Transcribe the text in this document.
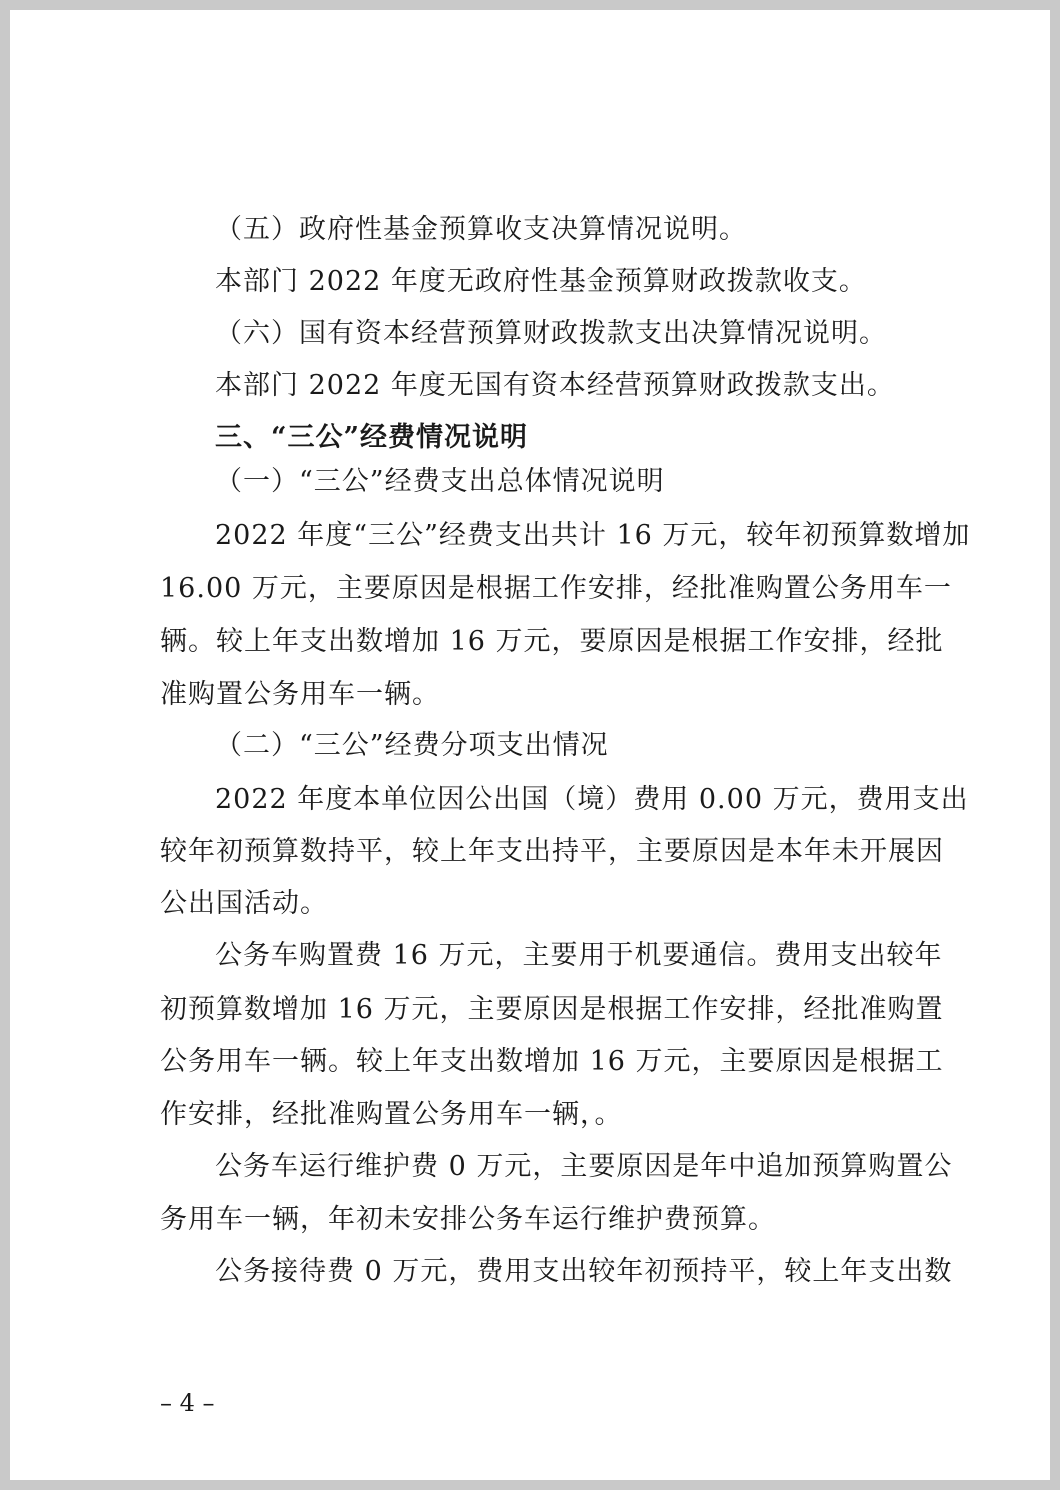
（五）政府性基金预算收支决算情况说明。
本部门 2022 年度无政府性基金预算财政拨款收支。
（六）国有资本经营预算财政拨款支出决算情况说明。
本部门 2022 年度无国有资本经营预算财政拨款支出。
三、“三公”经费情况说明
（一）“三公”经费支出总体情况说明
2022 年度“三公”经费支出共计 16 万元，较年初预算数增加
16.00 万元，主要原因是根据工作安排，经批准购置公务用车一
辆。较上年支出数增加 16 万元，要原因是根据工作安排，经批
准购置公务用车一辆。
（二）“三公”经费分项支出情况
2022 年度本单位因公出国（境）费用 0.00 万元，费用支出
较年初预算数持平，较上年支出持平，主要原因是本年未开展因
公出国活动。
公务车购置费 16 万元，主要用于机要通信。费用支出较年
初预算数增加 16 万元，主要原因是根据工作安排，经批准购置
公务用车一辆。较上年支出数增加 16 万元，主要原因是根据工
作安排，经批准购置公务用车一辆，。
公务车运行维护费 0 万元，主要原因是年中追加预算购置公
务用车一辆，年初未安排公务车运行维护费预算。
公务接待费 0 万元，费用支出较年初预持平，较上年支出数
– 4 –
